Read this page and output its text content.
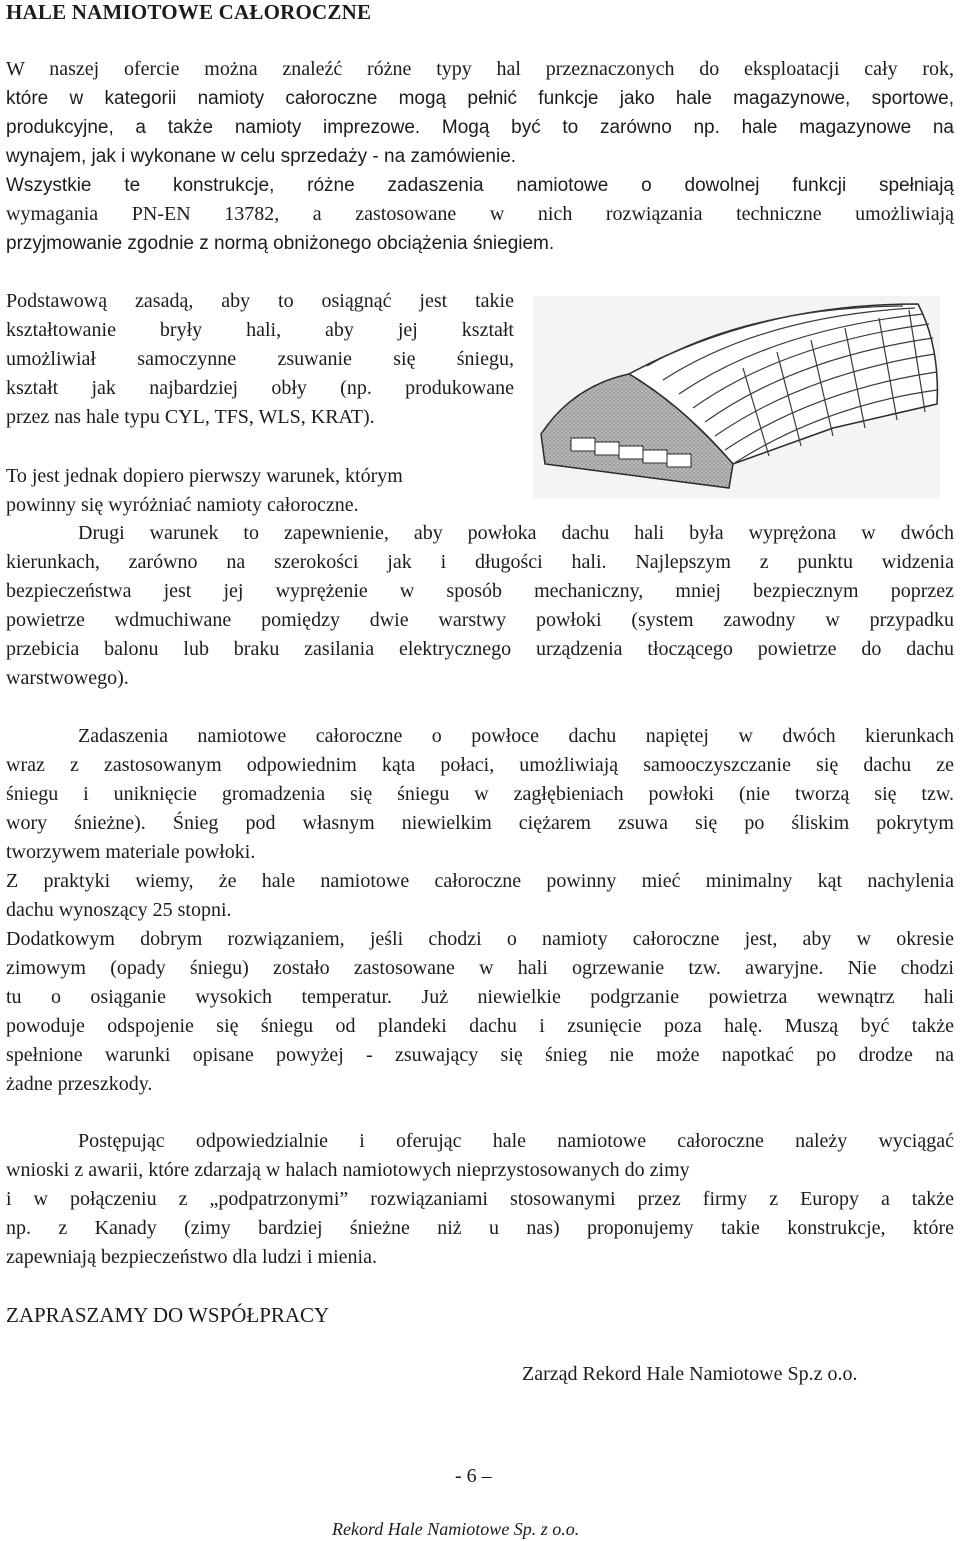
HALE NAMIOTOWE CAŁOROCZNE

W naszej ofercie można znaleźć różne typy hal przeznaczonych do eksploatacji cały rok,
które w kategorii namioty całoroczne mogą pełnić funkcje jako hale magazynowe, sportowe,
produkcyjne, a także namioty imprezowe. Mogą być to zarówno np. hale magazynowe na
wynajem, jak i wykonane w celu sprzedaży - na zamówienie.
Wszystkie te konstrukcje, różne zadaszenia namiotowe o dowolnej funkcji spełniają
wymagania PN-EN 13782, a zastosowane w nich rozwiązania techniczne umożliwiają
przyjmowanie zgodnie z normą obniżonego obciążenia śniegiem.

Podstawową zasadą, aby to osiągnąć jest takie
kształtowanie bryły hali, aby jej kształt
umożliwiał samoczynne zsuwanie się śniegu,
kształt jak najbardziej obły (np. produkowane
przez nas hale typu CYL, TFS, WLS, KRAT).

To jest jednak dopiero pierwszy warunek, którym
powinny się wyróżniać namioty całoroczne.

Drugi warunek to zapewnienie, aby powłoka dachu hali była wyprężona w dwóch
kierunkach, zarówno na szerokości jak i długości hali. Najlepszym z punktu widzenia
bezpieczeństwa jest jej wyprężenie w sposób mechaniczny, mniej bezpiecznym poprzez
powietrze wdmuchiwane pomiędzy dwie warstwy powłoki (system zawodny w przypadku
przebicia balonu lub braku zasilania elektrycznego urządzenia tłoczącego powietrze do dachu
warstwowego).

Zadaszenia namiotowe całoroczne o powłoce dachu napiętej w dwóch kierunkach
wraz z zastosowanym odpowiednim kąta połaci, umożliwiają samooczyszczanie się dachu ze
śniegu i uniknięcie gromadzenia się śniegu w zagłębieniach powłoki (nie tworzą się tzw.
wory śnieżne). Śnieg pod własnym niewielkim ciężarem zsuwa się po śliskim pokrytym
tworzywem materiale powłoki.
Z praktyki wiemy, że hale namiotowe całoroczne powinny mieć minimalny kąt nachylenia
dachu wynoszący 25 stopni.
Dodatkowym dobrym rozwiązaniem, jeśli chodzi o namioty całoroczne jest, aby w okresie
zimowym (opady śniegu) zostało zastosowane w hali ogrzewanie tzw. awaryjne. Nie chodzi
tu o osiąganie wysokich temperatur. Już niewielkie podgrzanie powietrza wewnątrz hali
powoduje odspojenie się śniegu od plandeki dachu i zsunięcie poza halę. Muszą być także
spełnione warunki opisane powyżej - zsuwający się śnieg nie może napotkać po drodze na
żadne przeszkody.

Postępując odpowiedzialnie i oferując hale namiotowe całoroczne należy wyciągać
wnioski z awarii, które zdarzają w halach namiotowych nieprzystosowanych do zimy
i w połączeniu z „podpatrzonymi” rozwiązaniami stosowanymi przez firmy z Europy a także
np. z Kanady (zimy bardziej śnieżne niż u nas) proponujemy takie konstrukcje, które
zapewniają bezpieczeństwo dla ludzi i mienia.

ZAPRASZAMY DO WSPÓŁPRACY

Zarząd Rekord Hale Namiotowe Sp.z o.o.

- 6 –

Rekord Hale Namiotowe Sp. z o.o.
